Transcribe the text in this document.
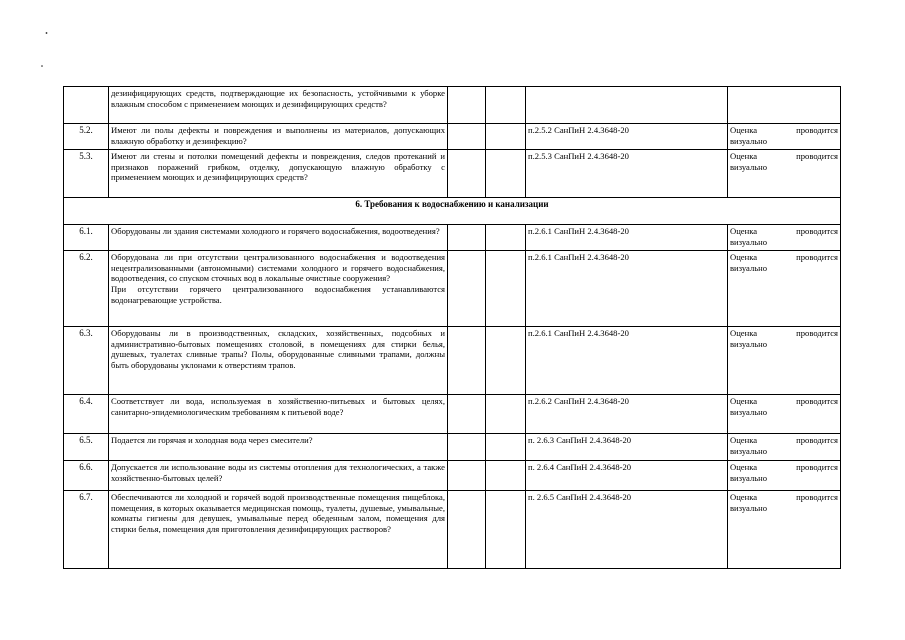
	дезинфицирующих средств, подтверждающие их безопасность, устойчивыми к уборке влажным способом с применением моющих и дезинфицирующих средств?				

5.2.	Имеют ли полы дефекты и повреждения и выполнены из материалов, допускающих влажную обработку и дезинфекцию?			п.2.5.2 СанПиН 2.4.3648-20	Оценка проводится
визуально

5.3.	Имеют ли стены и потолки помещений дефекты и повреждения, следов протеканий и признаков поражений грибком, отделку, допускающую влажную обработку с применением моющих и дезинфицирующих средств?			п.2.5.3 СанПиН 2.4.3648-20	Оценка проводится
визуально

6. Требования к водоснабжению и канализации					
6.1.	Оборудованы ли здания системами холодного и горячего водоснабжения, водоотведения?			п.2.6.1 СанПиН 2.4.3648-20	Оценка проводится
визуально

6.2.	Оборудована ли при отсутствии централизованного водоснабжения и водоотведения нецентрализованными (автономными) системами холодного и горячего водоснабжения, водоотведения, со спуском сточных вод в локальные очистные сооружения?
При отсутствии горячего централизованного водоснабжения устанавливаются водонагревающие устройства.			п.2.6.1 СанПиН 2.4.3648-20	Оценка проводится
визуально

6.3.	Оборудованы ли в производственных, складских, хозяйственных, подсобных и административно-бытовых помещениях столовой, в помещениях для стирки белья, душевых, туалетах сливные трапы? Полы, оборудованные сливными трапами, должны быть оборудованы уклонами к отверстиям трапов.			п.2.6.1 СанПиН 2.4.3648-20	Оценка проводится
визуально

6.4.	Соответствует ли вода, используемая в хозяйственно-питьевых и бытовых целях, санитарно-эпидемиологическим требованиям к питьевой воде?			п.2.6.2 СанПиН 2.4.3648-20	Оценка проводится
визуально

6.5.	Подается ли горячая и холодная вода через смесители?			п. 2.6.3 СанПиН 2.4.3648-20	Оценка проводится
визуально

6.6.	Допускается ли использование воды из системы отопления для технологических, а также хозяйственно-бытовых целей?			п. 2.6.4 СанПиН 2.4.3648-20	Оценка проводится
визуально

6.7.	Обеспечиваются ли холодной и горячей водой производственные помещения пищеблока, помещения, в которых оказывается медицинская помощь, туалеты, душевые, умывальные, комнаты гигиены для девушек, умывальные перед обеденным залом, помещения для стирки белья, помещения для приготовления дезинфицирующих растворов?			п. 2.6.5 СанПиН 2.4.3648-20	Оценка проводится
визуально
